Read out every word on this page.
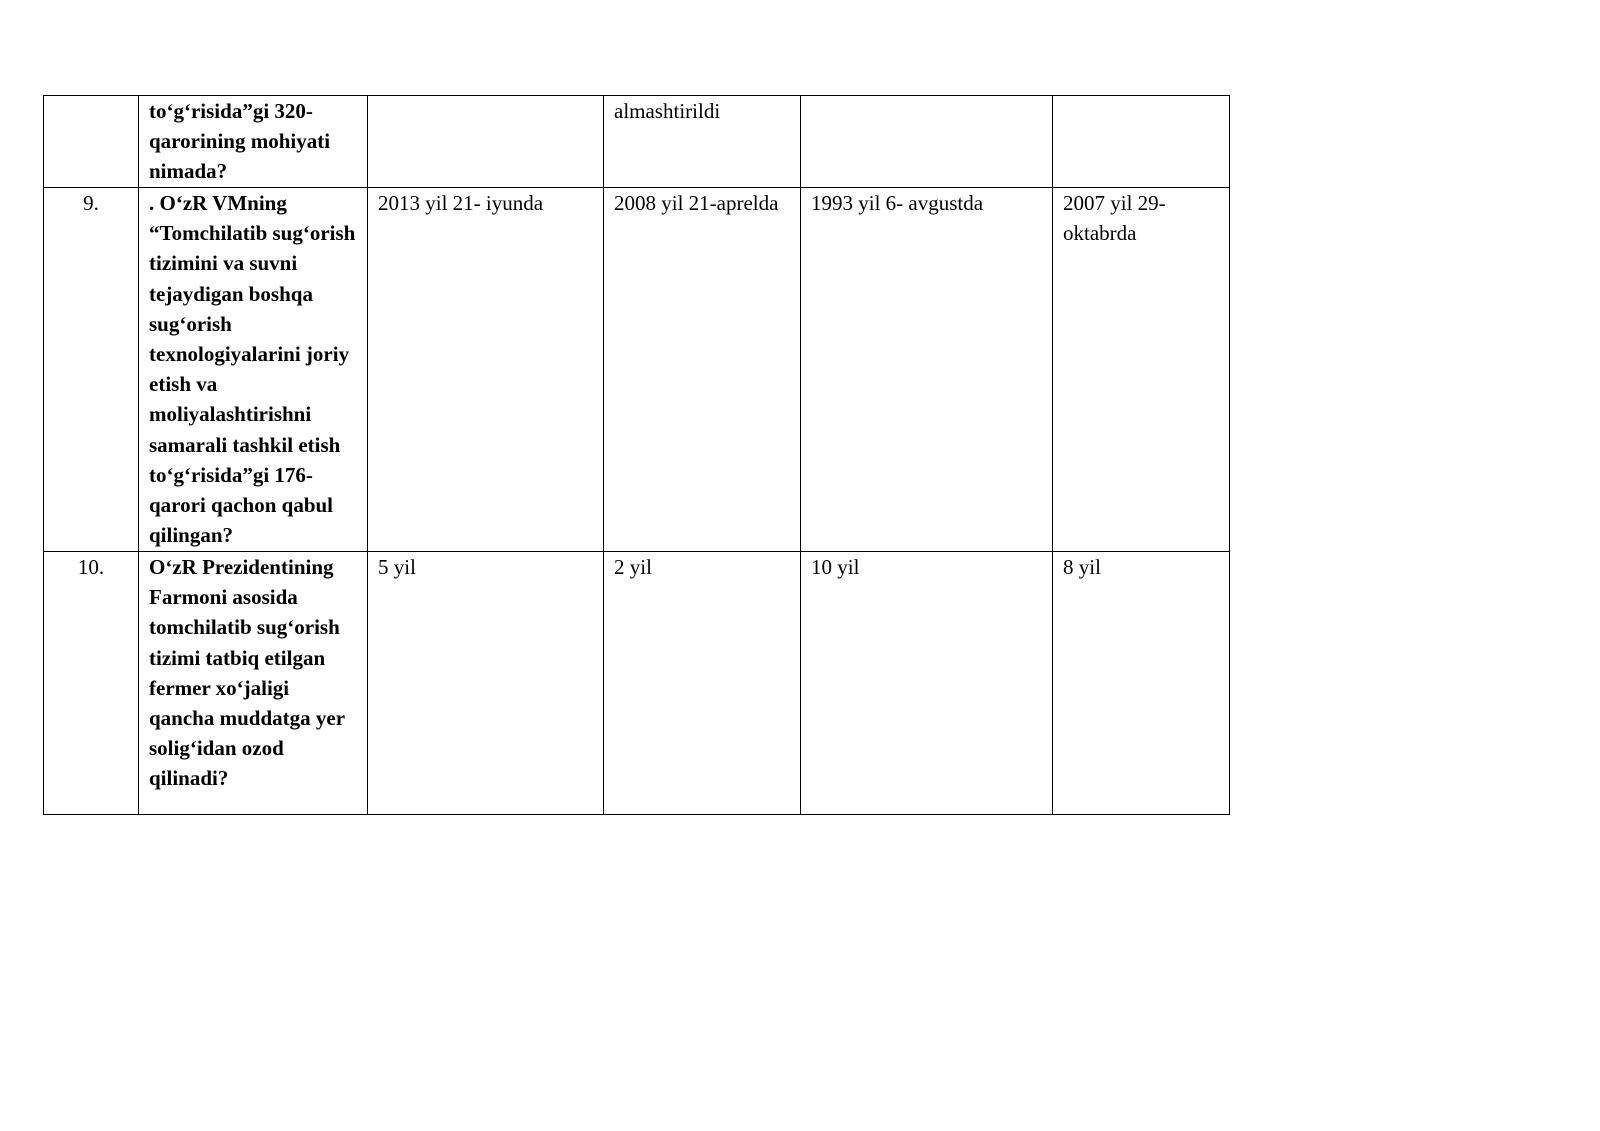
	to‘g‘risida”gi 320-qarorining mohiyati nimada?		almashtirildi		
9.	. O‘zR VMning “Tomchilatib sug‘orish tizimini va suvni tejaydigan boshqa sug‘orish texnologiyalarini joriy etish va moliyalashtirishni samarali tashkil etish to‘g‘risida”gi 176-qarori qachon qabul qilingan?	2013 yil 21- iyunda	2008 yil 21-aprelda	1993 yil 6- avgustda	2007 yil 29-oktabrda
10.	O‘zR Prezidentining Farmoni asosida tomchilatib sug‘orish tizimi tatbiq etilgan fermer xo‘jaligi qancha muddatga yer solig‘idan ozod qilinadi?	5 yil	2 yil	10 yil	8 yil
